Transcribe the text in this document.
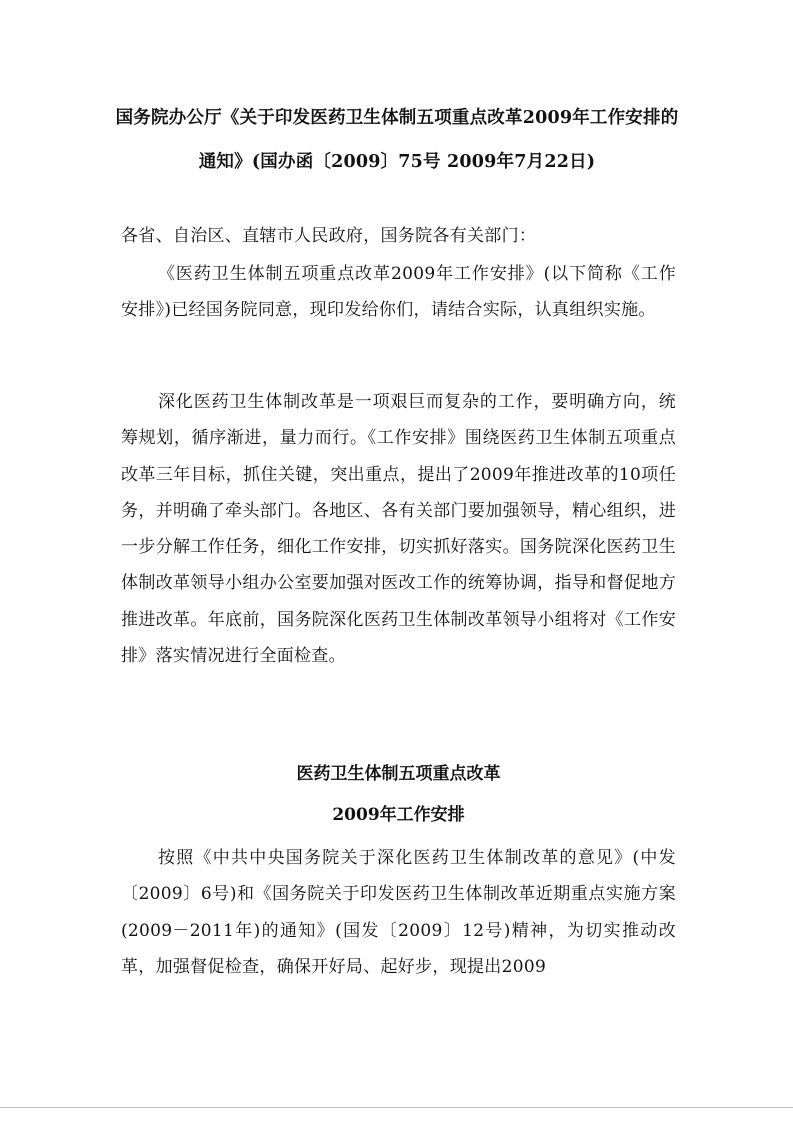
国务院办公厅《关于印发医药卫生体制五项重点改革2009年工作安排的通知》(国办函〔2009〕75号 2009年7月22日)
各省、自治区、直辖市人民政府，国务院各有关部门：
《医药卫生体制五项重点改革2009年工作安排》(以下简称《工作安排》)已经国务院同意，现印发给你们，请结合实际，认真组织实施。
深化医药卫生体制改革是一项艰巨而复杂的工作，要明确方向，统筹规划，循序渐进，量力而行。《工作安排》围绕医药卫生体制五项重点改革三年目标，抓住关键，突出重点，提出了2009年推进改革的10项任务，并明确了牵头部门。各地区、各有关部门要加强领导，精心组织，进一步分解工作任务，细化工作安排，切实抓好落实。国务院深化医药卫生体制改革领导小组办公室要加强对医改工作的统筹协调，指导和督促地方推进改革。年底前，国务院深化医药卫生体制改革领导小组将对《工作安排》落实情况进行全面检查。
医药卫生体制五项重点改革
2009年工作安排
按照《中共中央国务院关于深化医药卫生体制改革的意见》(中发〔2009〕6号)和《国务院关于印发医药卫生体制改革近期重点实施方案(2009－2011年)的通知》(国发〔2009〕12号)精神，为切实推动改革，加强督促检查，确保开好局、起好步，现提出2009
